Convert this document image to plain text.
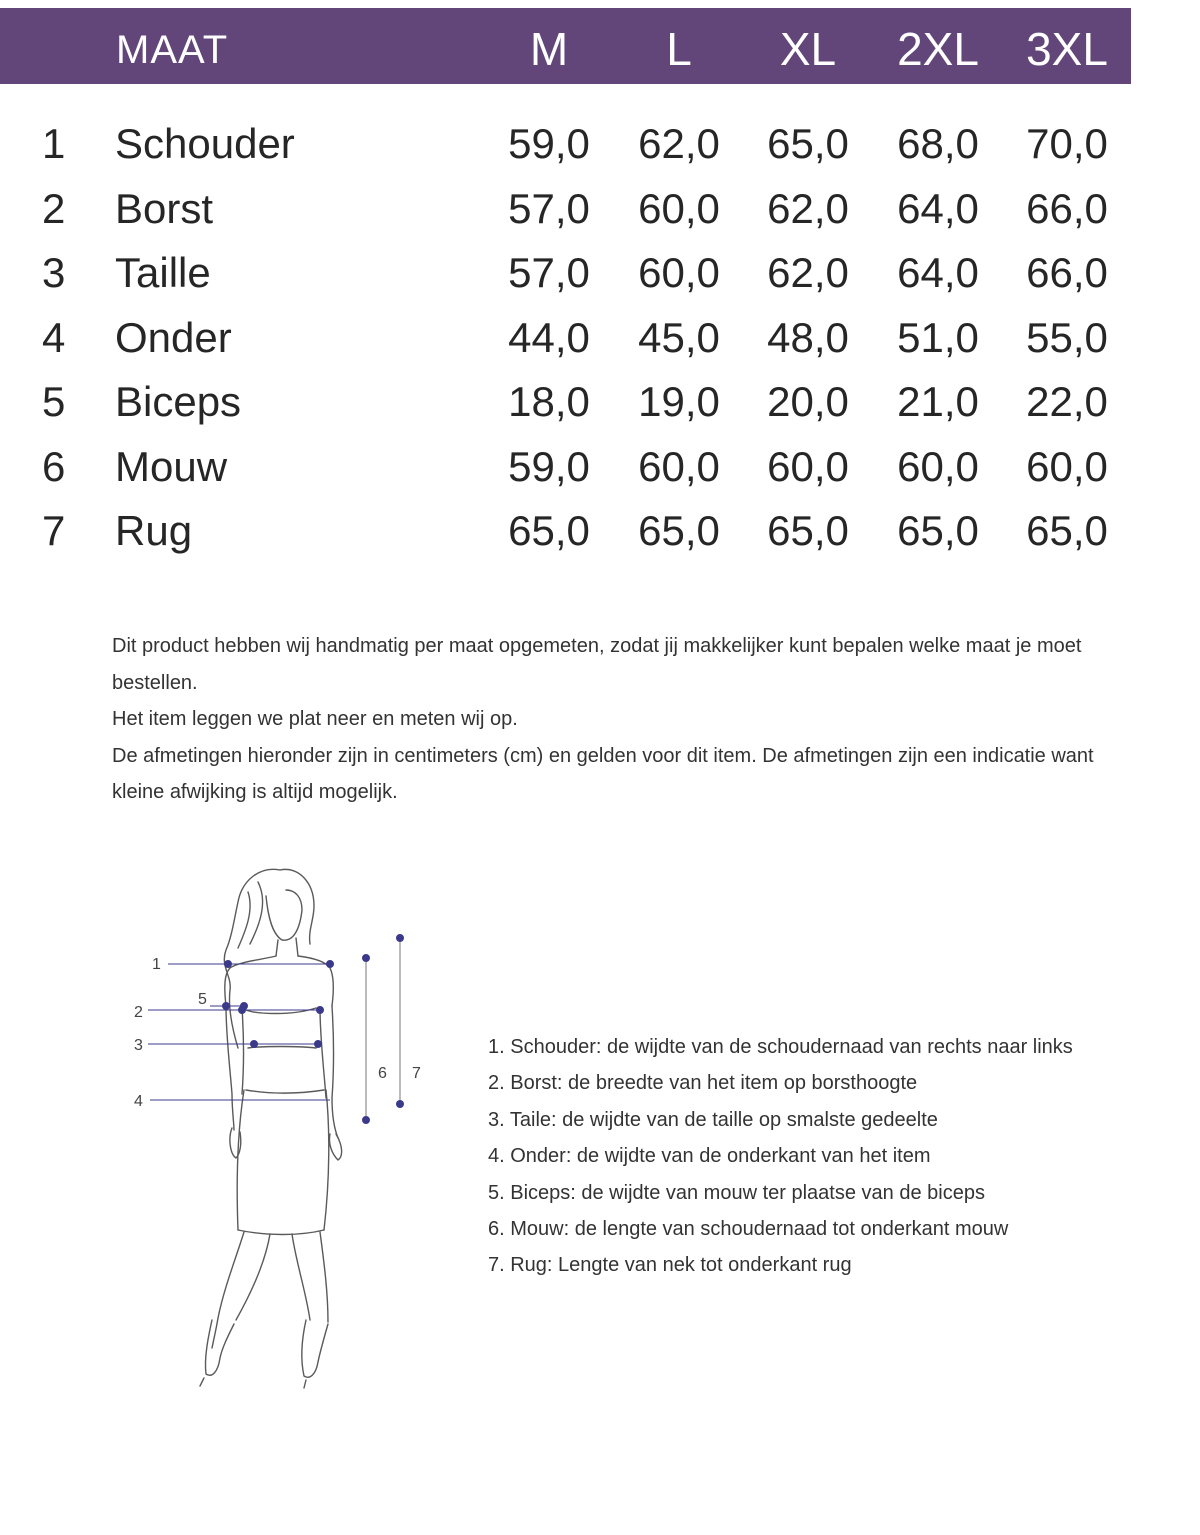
MAAT	M	L	XL	2XL	3XL
1 Schouder	59,0	62,0	65,0	68,0	70,0
2 Borst	57,0	60,0	62,0	64,0	66,0
3 Taille	57,0	60,0	62,0	64,0	66,0
4 Onder	44,0	45,0	48,0	51,0	55,0
5 Biceps	18,0	19,0	20,0	21,0	22,0
6 Mouw	59,0	60,0	60,0	60,0	60,0
7 Rug	65,0	65,0	65,0	65,0	65,0

Dit product hebben wij handmatig per maat opgemeten, zodat jij makkelijker kunt bepalen welke maat je moet bestellen.

Het item leggen we plat neer en meten wij op.

De afmetingen hieronder zijn in centimeters (cm) en gelden voor dit item. De afmetingen zijn een indicatie want kleine afwijking is altijd mogelijk.

1
2
3
4
5
6 7
1. Schouder: de wijdte van de schoudernaad van rechts naar links
2. Borst: de breedte van het item op borsthoogte
3. Taile: de wijdte van de taille op smalste gedeelte
4. Onder: de wijdte van de onderkant van het item
5. Biceps: de wijdte van mouw ter plaatse van de biceps
6. Mouw: de lengte van schoudernaad tot onderkant mouw
7. Rug: Lengte van nek tot onderkant rug
